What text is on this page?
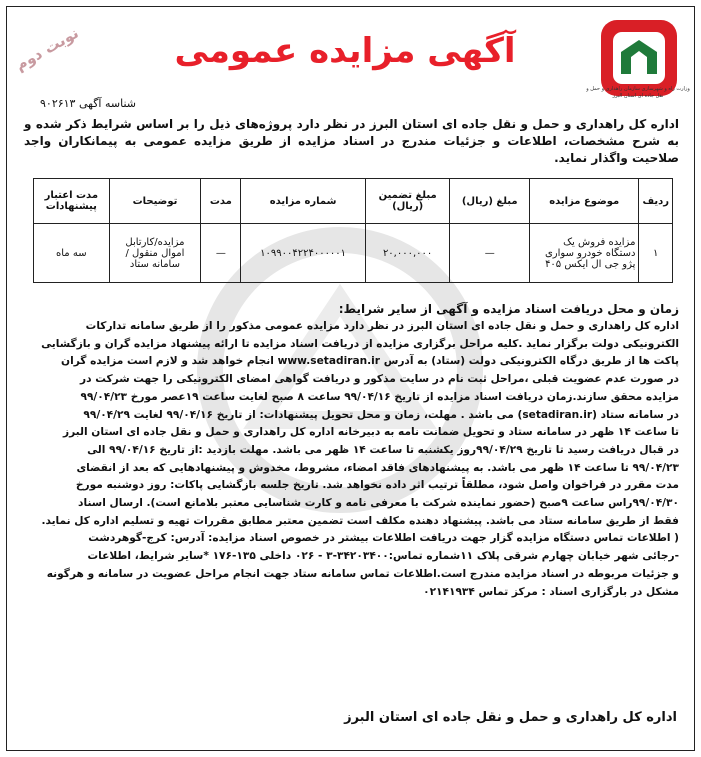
وزارت راه و شهرسازی سازمان راهداری و حمل و نقل جاده ای استان البرز
نوبت دوم	آگهی مزایده عمومی
شناسه آگهی ۹۰۲۶۱۳
اداره کل راهداری و حمل و نقل جاده ای استان البرز در نظر دارد پروژه‌های ذیل را بر اساس شرایط ذکر شده و به شرح مشخصات، اطلاعات و جزئیات مندرج در اسناد مزایده از طریق مزایده عمومی به پیمانکاران واجد صلاحیت واگذار نماید.
ردیف	موضوع مزایده	مبلغ (ریال)	مبلغ تضمین (ریال)	شماره مزایده	مدت	توضیحات	مدت اعتبار پیشنهادات
۱	مزایده فروش یک دستگاه خودرو سواری پژو جی ال ایکس ۴۰۵	—	۲۰,۰۰۰,۰۰۰	۱۰۹۹۰۰۴۲۲۴۰۰۰۰۰۱	—	مزایده/کارتابل اموال منقول / سامانه ستاد	سه ماه
زمان و محل دریافت اسناد مزایده و آگهی از سایر شرایط:
اداره کل راهداری و حمل و نقل جاده ای استان البرز در نظر دارد مزایده عمومی مذکور را از طریق سامانه تدارکات
الکترونیکی دولت برگزار نماید .کلیه مراحل برگزاری مزایده از دریافت اسناد مزایده تا ارائه پیشنهاد مزایده گران و بازگشایی
پاکت ها از طریق درگاه الکترونیکی دولت (ستاد) به آدرس www.setadiran.ir انجام خواهد شد و لازم است مزایده گران
در صورت عدم عضویت قبلی ،مراحل ثبت نام در سایت مذکور و دریافت گواهی امضای الکترونیکی را جهت شرکت در
مزایده محقق سازند.زمان دریافت اسناد مزایده از تاریخ ۹۹/۰۴/۱۶ ساعت ۸ صبح لغایت ساعت ۱۹عصر مورخ ۹۹/۰۴/۲۳
در سامانه ستاد (setadiran.ir) می باشد . مهلت، زمان و محل تحویل پیشنهادات: از تاریخ ۹۹/۰۴/۱۶ لغایت ۹۹/۰۴/۲۹
تا ساعت ۱۴ ظهر در سامانه ستاد و تحویل ضمانت نامه به دبیرخانه اداره کل راهداری و حمل و نقل جاده ای استان البرز
در قبال دریافت رسید تا تاریخ ۹۹/۰۴/۲۹روز یکشنبه تا ساعت ۱۴ ظهر می باشد. مهلت بازدید :از تاریخ ۹۹/۰۴/۱۶ الی
۹۹/۰۴/۲۳ تا ساعت ۱۴ ظهر می باشد. به پیشنهادهای فاقد امضاء، مشروط، مخدوش و پیشنهادهایی که بعد از انقضای
مدت مقرر در فراخوان واصل شود، مطلقاً ترتیب اثر داده نخواهد شد. تاریخ جلسه بازگشایی پاکات: روز دوشنبه مورخ
۹۹/۰۴/۳۰راس ساعت ۹صبح (حضور نماینده شرکت با معرفی نامه و کارت شناسایی معتبر بلامانع است). ارسال اسناد
فقط از طریق سامانه ستاد می باشد. پیشنهاد دهنده مکلف است تضمین معتبر مطابق مقررات تهیه و تسلیم اداره کل نماید.
( اطلاعات تماس دستگاه مزایده گزار جهت دریافت اطلاعات بیشتر در خصوص اسناد مزایده: آدرس: کرج-گوهردشت
-رجائی شهر خیابان چهارم شرقی پلاک ۱۱شماره تماس:۳۴۲۰۳۴۰۰-۳ - ۰۲۶ داخلی ۱۳۵-۱۷۶ *سایر شرایط، اطلاعات
و جزئیات مربوطه در اسناد مزایده مندرج است.اطلاعات تماس سامانه ستاد جهت انجام مراحل عضویت در سامانه و هرگونه
مشکل در بارگزاری اسناد : مرکز تماس ۰۲۱۴۱۹۳۴
اداره کل راهداری و حمل و نقل جاده ای استان البرز
